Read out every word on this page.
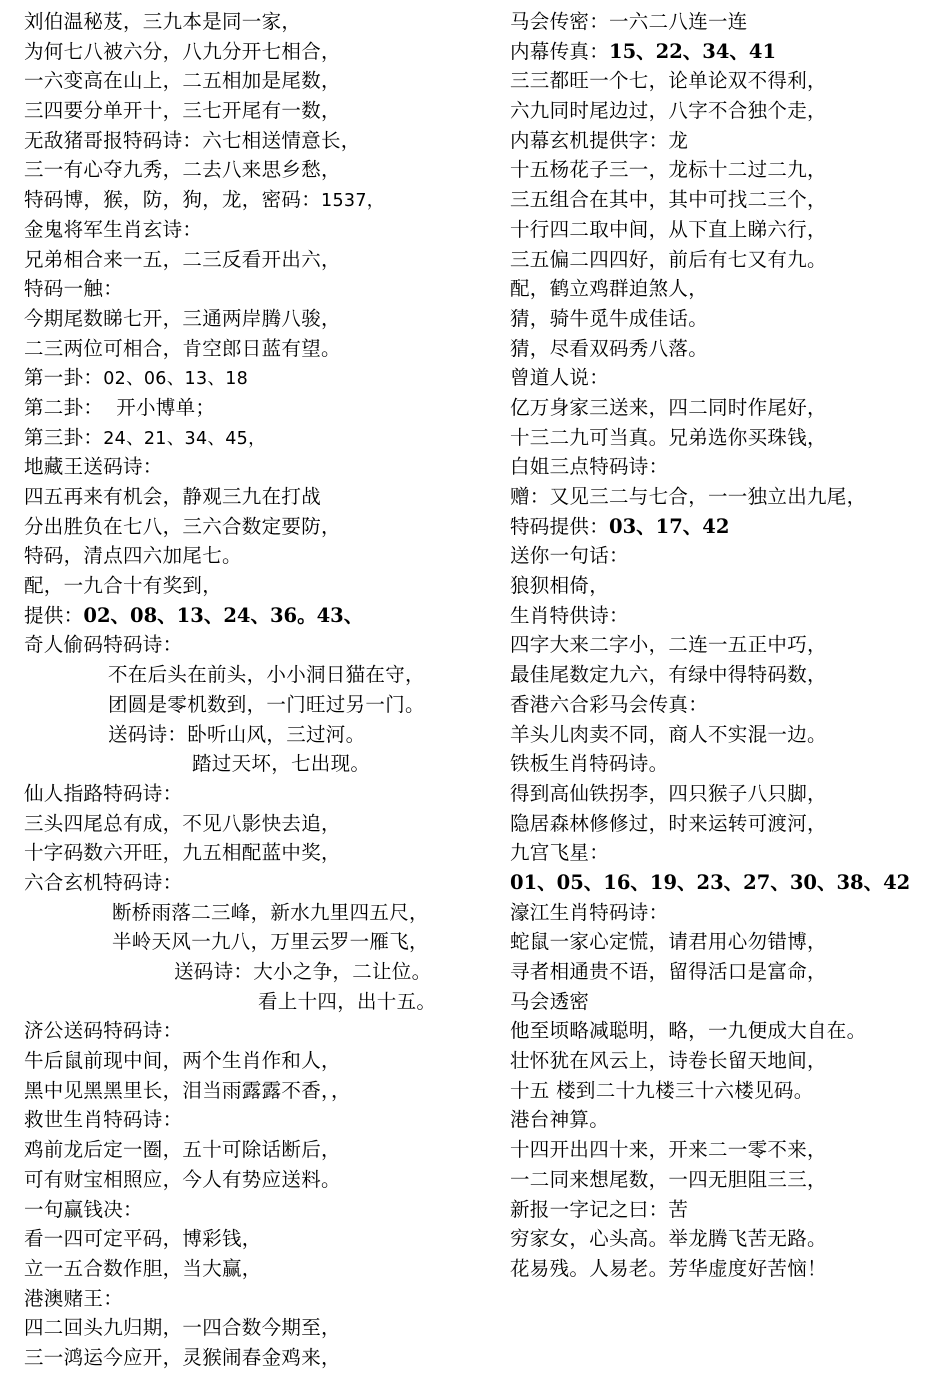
刘伯温秘芨，三九本是同一家，
为何七八被六分，八九分开七相合，
一六变高在山上，二五相加是尾数，
三四要分单开十，三七开尾有一数，
无敌猪哥报特码诗：六七相送情意长，
三一有心夺九秀，二去八来思乡愁，
特码博，猴，防，狗，龙，密码：1537，
金鬼将军生肖玄诗：
兄弟相合来一五，二三反看开出六，
特码一触：
今期尾数睇七开，三通两岸腾八骏，
二三两位可相合，肯空郎日蓝有望。
第一卦：02、06、13、18
第二卦：  开小博单；
第三卦：24、21、34、45，
地藏王送码诗：
四五再来有机会，静观三九在打战
分出胜负在七八，三六合数定要防，
特码，清点四六加尾七。
配，一九合十有奖到，
提供：02、08、13、24、36。43、
奇人偷码特码诗：
不在后头在前头，小小洞日猫在守，
团圆是零机数到，一门旺过另一门。
送码诗：卧听山风，三过河。
踏过天坏，七出现。
仙人指路特码诗：
三头四尾总有成，不见八影快去追，
十字码数六开旺，九五相配蓝中奖，
六合玄机特码诗：
断桥雨落二三峰，新水九里四五尺，
半岭天风一九八，万里云罗一雁飞，
送码诗：大小之争，二让位。
看上十四，出十五。
济公送码特码诗：
牛后鼠前现中间，两个生肖作和人，
黑中见黑黑里长，泪当雨露露不香，，
救世生肖特码诗：
鸡前龙后定一圈，五十可除话断后，
可有财宝相照应，今人有势应送料。
一句赢钱决：
看一四可定平码，博彩钱，
立一五合数作胆，当大赢，
港澳赌王：
四二回头九归期，一四合数今期至，
三一鸿运今应开，灵猴闹春金鸡来，
马会传密：一六二八连一连
内幕传真：15、22、34、41
三三都旺一个七，论单论双不得利，
六九同时尾边过，八字不合独个走，
内幕玄机提供字：龙
十五杨花子三一，龙标十二过二九，
三五组合在其中，其中可找二三个，
十行四二取中间，从下直上睇六行，
三五偏二四四好，前后有七又有九。
配，鹤立鸡群迫煞人，
猜，骑牛觅牛成佳话。
猜，尽看双码秀八落。
曾道人说：
亿万身家三送来，四二同时作尾好，
十三二九可当真。兄弟选你买珠钱，
白姐三点特码诗：
赠：又见三二与七合，一一独立出九尾，
特码提供：03、17、42
送你一句话：
狼狈相倚，
生肖特供诗：
四字大来二字小，二连一五正中巧，
最佳尾数定九六，有绿中得特码数，
香港六合彩马会传真：
羊头儿肉卖不同，商人不实混一边。
铁板生肖特码诗。
得到高仙铁拐李，四只猴子八只脚，
隐居森林修修过，时来运转可渡河，
九宫飞星：
01、05、16、19、23、27、30、38、42
濠江生肖特码诗：
蛇鼠一家心定慌，请君用心勿错博，
寻者相通贵不语，留得活口是富命，
马会透密
他至顷略减聪明，略，一九便成大自在。
壮怀犹在风云上，诗卷长留天地间，
十五 楼到二十九楼三十六楼见码。
港台神算。
十四开出四十来，开来二一零不来，
一二同来想尾数，一四无胆阻三三，
新报一字记之曰：苦
穷家女，心头高。举龙腾飞苦无路。
花易残。人易老。芳华虚度好苦恼！
